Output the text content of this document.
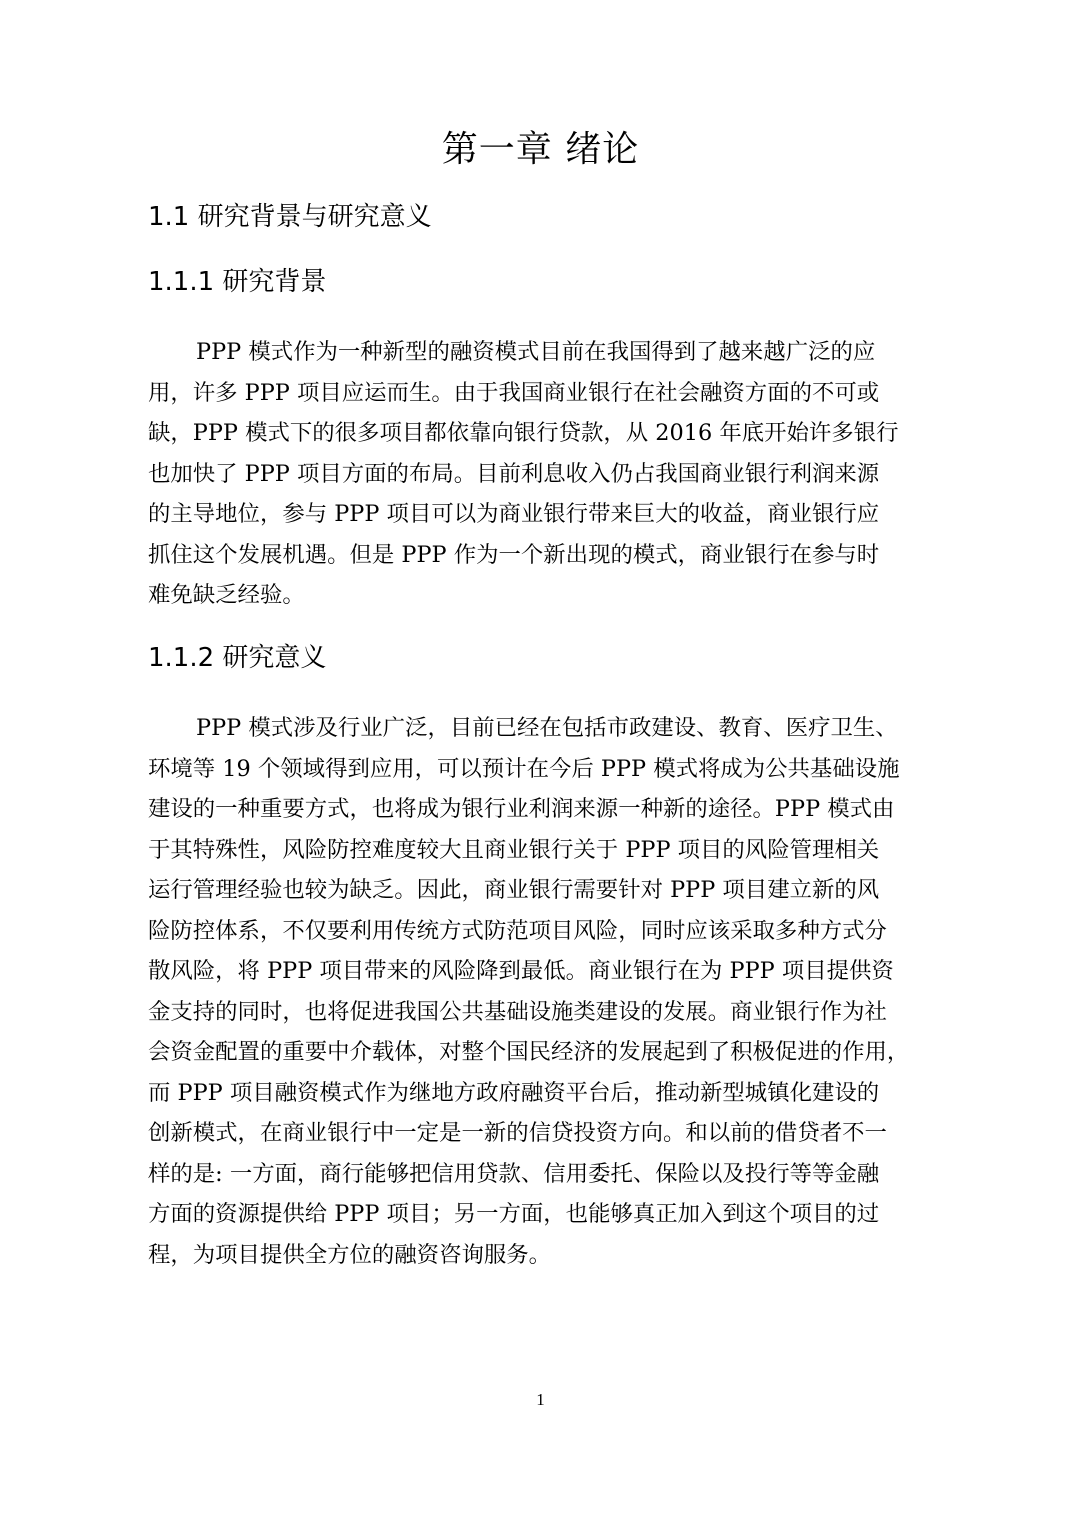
第一章 绪论
1.1 研究背景与研究意义
1.1.1 研究背景
PPP 模式作为一种新型的融资模式目前在我国得到了越来越广泛的应
用，许多 PPP 项目应运而生。由于我国商业银行在社会融资方面的不可或
缺，PPP 模式下的很多项目都依靠向银行贷款，从 2016 年底开始许多银行
也加快了 PPP 项目方面的布局。目前利息收入仍占我国商业银行利润来源
的主导地位，参与 PPP 项目可以为商业银行带来巨大的收益，商业银行应
抓住这个发展机遇。但是 PPP 作为一个新出现的模式，商业银行在参与时
难免缺乏经验。
1.1.2 研究意义
PPP 模式涉及行业广泛，目前已经在包括市政建设、教育、医疗卫生、
环境等 19 个领域得到应用，可以预计在今后 PPP 模式将成为公共基础设施
建设的一种重要方式，也将成为银行业利润来源一种新的途径。PPP 模式由
于其特殊性，风险防控难度较大且商业银行关于 PPP 项目的风险管理相关
运行管理经验也较为缺乏。因此，商业银行需要针对 PPP 项目建立新的风
险防控体系，不仅要利用传统方式防范项目风险，同时应该采取多种方式分
散风险，将 PPP 项目带来的风险降到最低。商业银行在为 PPP 项目提供资
金支持的同时，也将促进我国公共基础设施类建设的发展。商业银行作为社
会资金配置的重要中介载体，对整个国民经济的发展起到了积极促进的作用，
而 PPP 项目融资模式作为继地方政府融资平台后，推动新型城镇化建设的
创新模式，在商业银行中一定是一新的信贷投资方向。和以前的借贷者不一
样的是: 一方面，商行能够把信用贷款、信用委托、保险以及投行等等金融
方面的资源提供给 PPP 项目；另一方面，也能够真正加入到这个项目的过
程，为项目提供全方位的融资咨询服务。
1
